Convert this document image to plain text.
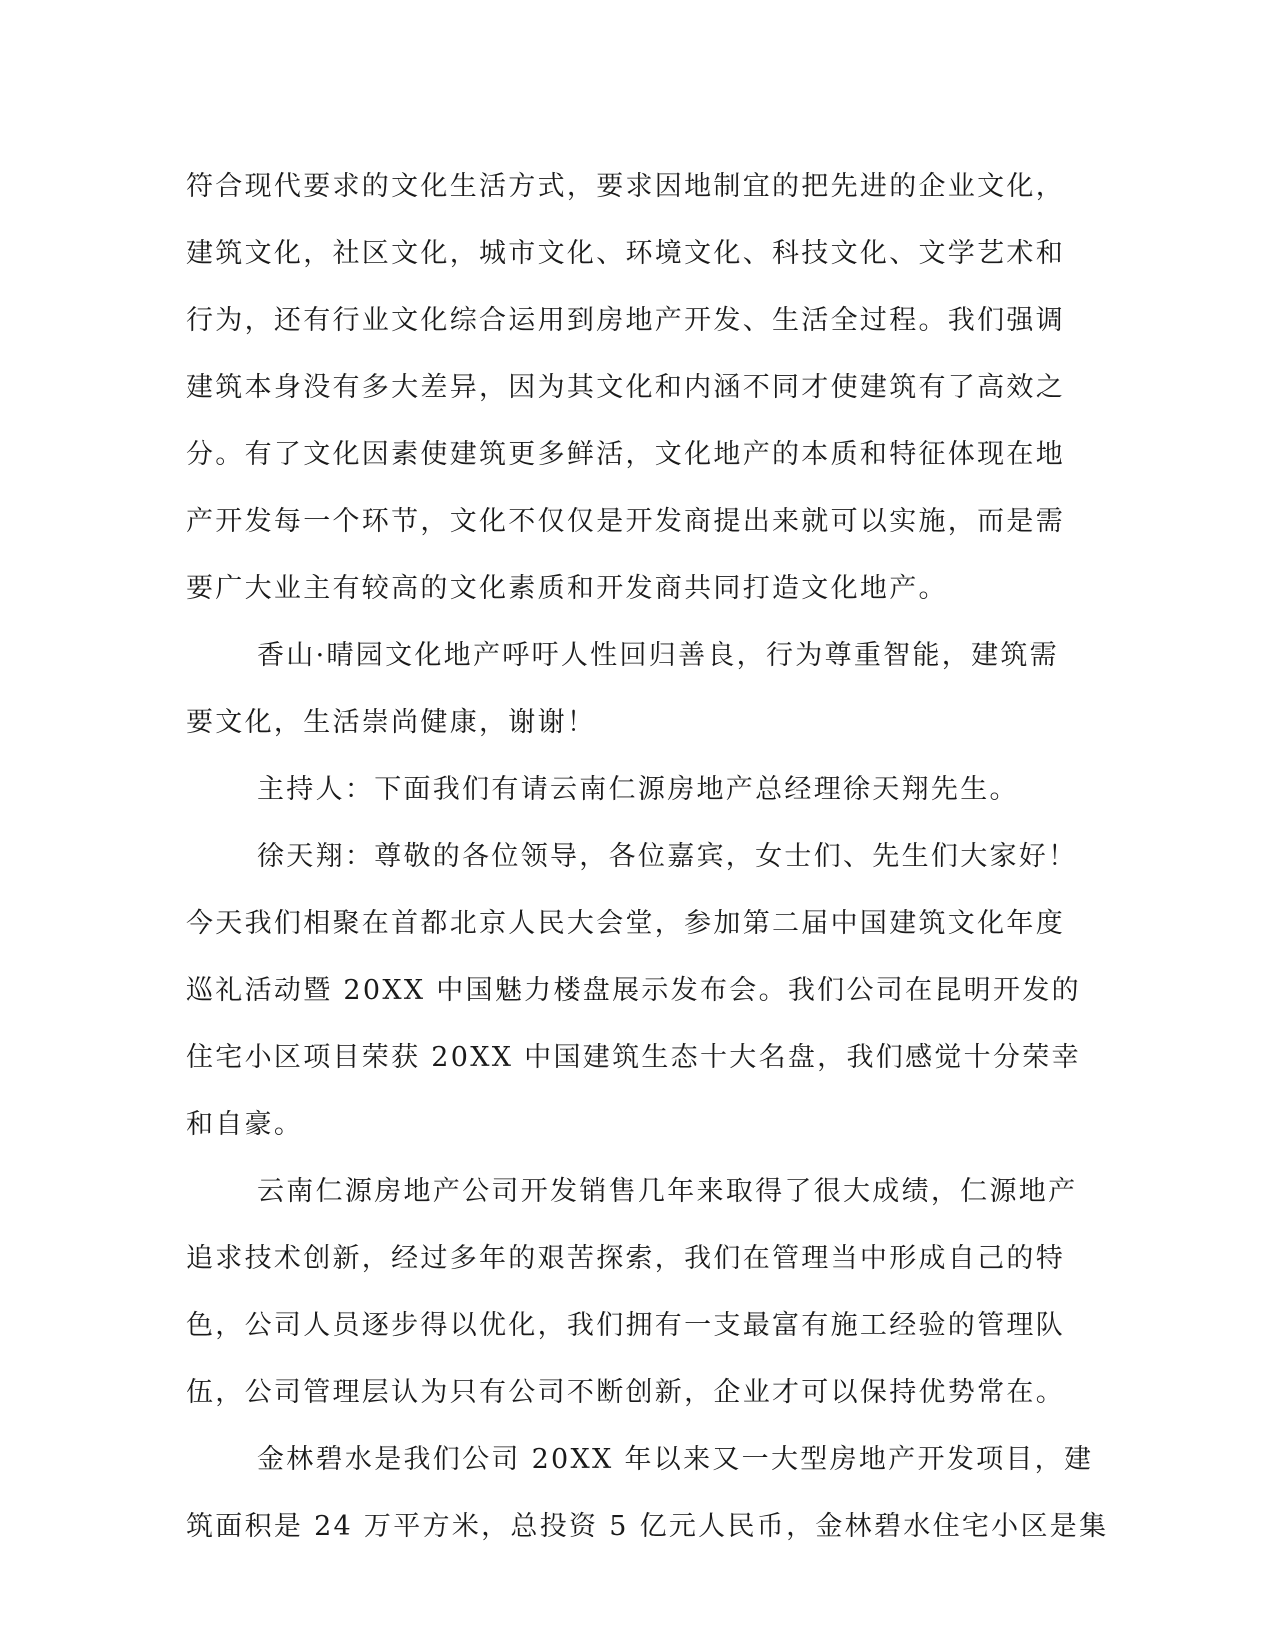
符合现代要求的文化生活方式，要求因地制宜的把先进的企业文化，
建筑文化，社区文化，城市文化、环境文化、科技文化、文学艺术和
行为，还有行业文化综合运用到房地产开发、生活全过程。我们强调
建筑本身没有多大差异，因为其文化和内涵不同才使建筑有了高效之
分。有了文化因素使建筑更多鲜活，文化地产的本质和特征体现在地
产开发每一个环节，文化不仅仅是开发商提出来就可以实施，而是需
要广大业主有较高的文化素质和开发商共同打造文化地产。
香山·晴园文化地产呼吁人性回归善良，行为尊重智能，建筑需
要文化，生活崇尚健康，谢谢！
主持人：下面我们有请云南仁源房地产总经理徐天翔先生。
徐天翔：尊敬的各位领导，各位嘉宾，女士们、先生们大家好！
今天我们相聚在首都北京人民大会堂，参加第二届中国建筑文化年度
巡礼活动暨 20XX 中国魅力楼盘展示发布会。我们公司在昆明开发的
住宅小区项目荣获 20XX 中国建筑生态十大名盘，我们感觉十分荣幸
和自豪。
云南仁源房地产公司开发销售几年来取得了很大成绩，仁源地产
追求技术创新，经过多年的艰苦探索，我们在管理当中形成自己的特
色，公司人员逐步得以优化，我们拥有一支最富有施工经验的管理队
伍，公司管理层认为只有公司不断创新，企业才可以保持优势常在。
金林碧水是我们公司 20XX 年以来又一大型房地产开发项目，建
筑面积是 24 万平方米，总投资 5 亿元人民币，金林碧水住宅小区是集
